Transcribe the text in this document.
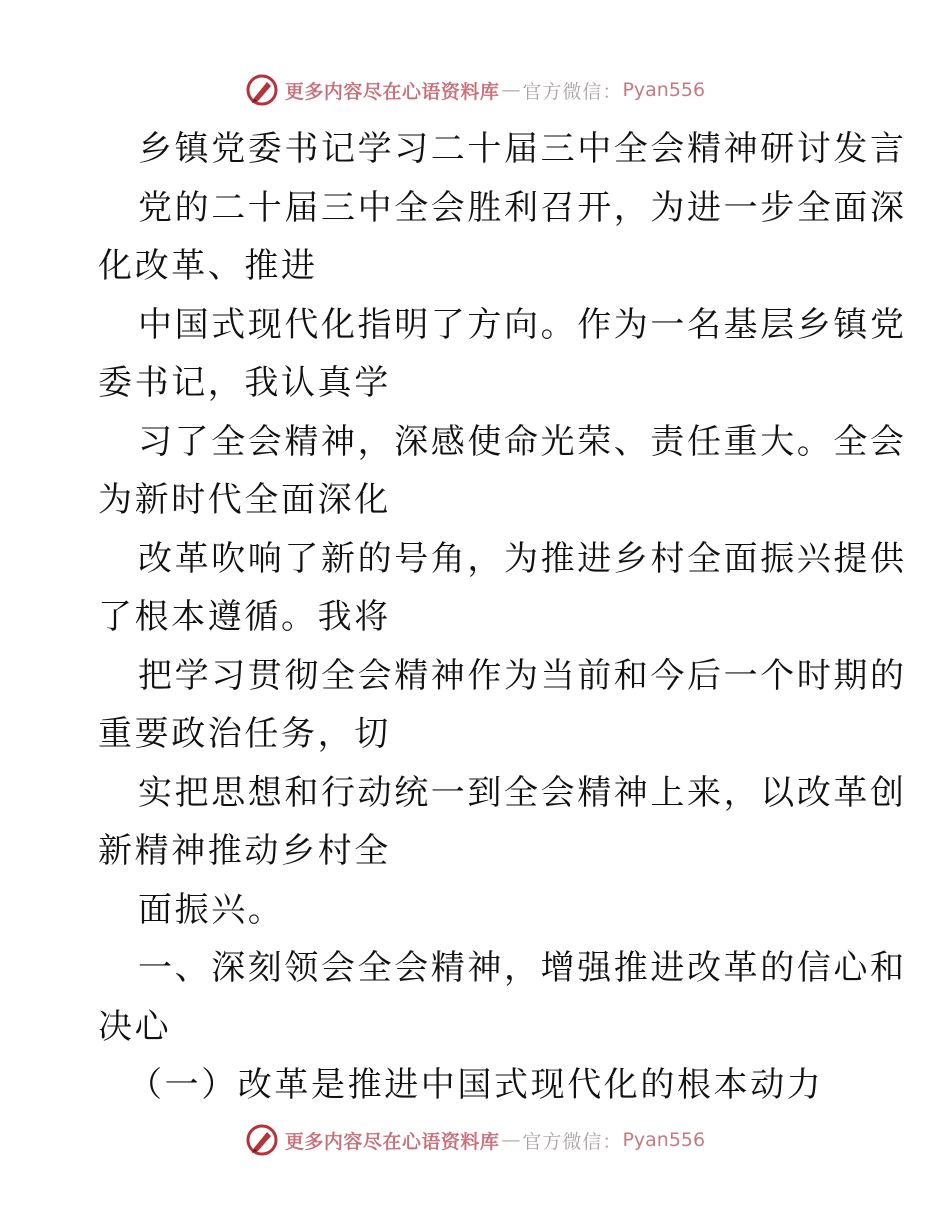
更多内容尽在心语资料库 — 官方微信： Pyan556
乡镇党委书记学习二十届三中全会精神研讨发言
党的二十届三中全会胜利召开，为进一步全面深
化改革、推进
中国式现代化指明了方向。作为一名基层乡镇党
委书记，我认真学
习了全会精神，深感使命光荣、责任重大。全会
为新时代全面深化
改革吹响了新的号角，为推进乡村全面振兴提供
了根本遵循。我将
把学习贯彻全会精神作为当前和今后一个时期的
重要政治任务，切
实把思想和行动统一到全会精神上来，以改革创
新精神推动乡村全
面振兴。
一、深刻领会全会精神，增强推进改革的信心和
决心
（一）改革是推进中国式现代化的根本动力
更多内容尽在心语资料库 — 官方微信： Pyan556
